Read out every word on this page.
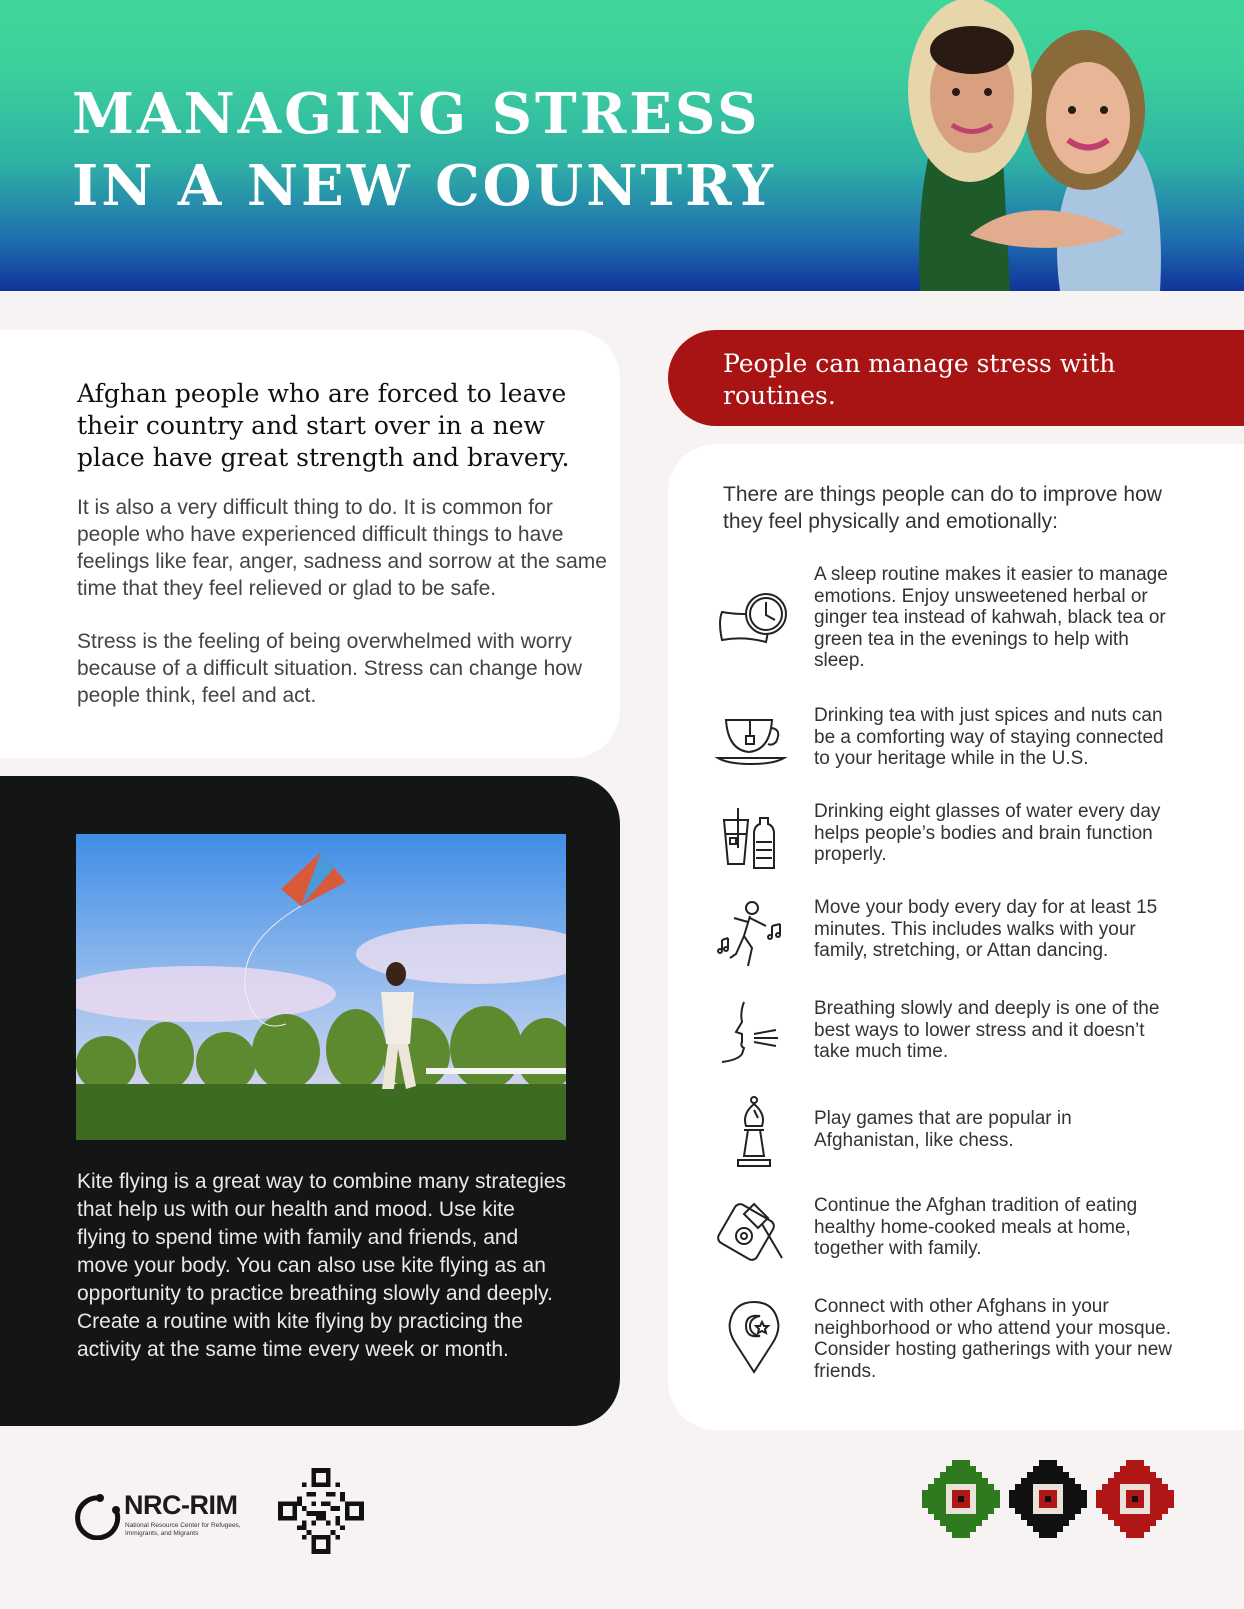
MANAGING STRESS
IN A NEW COUNTRY

Afghan people who are forced to leave their country and start over in a new place have great strength and bravery.

It is also a very difficult thing to do. It is common for people who have experienced difficult things to have feelings like fear, anger, sadness and sorrow at the same time that they feel relieved or glad to be safe.

Stress is the feeling of being overwhelmed with worry because of a difficult situation. Stress can change how people think, feel and act.

Kite flying is a great way to combine many strategies that help us with our health and mood. Use kite flying to spend time with family and friends, and move your body. You can also use kite flying as an opportunity to practice breathing slowly and deeply. Create a routine with kite flying by practicing the activity at the same time every week or month.

People can manage stress with routines.

There are things people can do to improve how they feel physically and emotionally:

A sleep routine makes it easier to manage emotions. Enjoy unsweetened herbal or ginger tea instead of kahwah, black tea or green tea in the evenings to help with sleep.

Drinking tea with just spices and nuts can be a comforting way of staying connected to your heritage while in the U.S.

Drinking eight glasses of water every day helps people’s bodies and brain function properly.

Move your body every day for at least 15 minutes. This includes walks with your family, stretching, or Attan dancing.

Breathing slowly and deeply is one of the best ways to lower stress and it doesn’t take much time.

Play games that are popular in Afghanistan, like chess.

Continue the Afghan tradition of eating healthy home-cooked meals at home, together with family.

Connect with other Afghans in your neighborhood or who attend your mosque. Consider hosting gatherings with your new friends.

NRC-RIM
National Resource Center for Refugees, Immigrants, and Migrants
